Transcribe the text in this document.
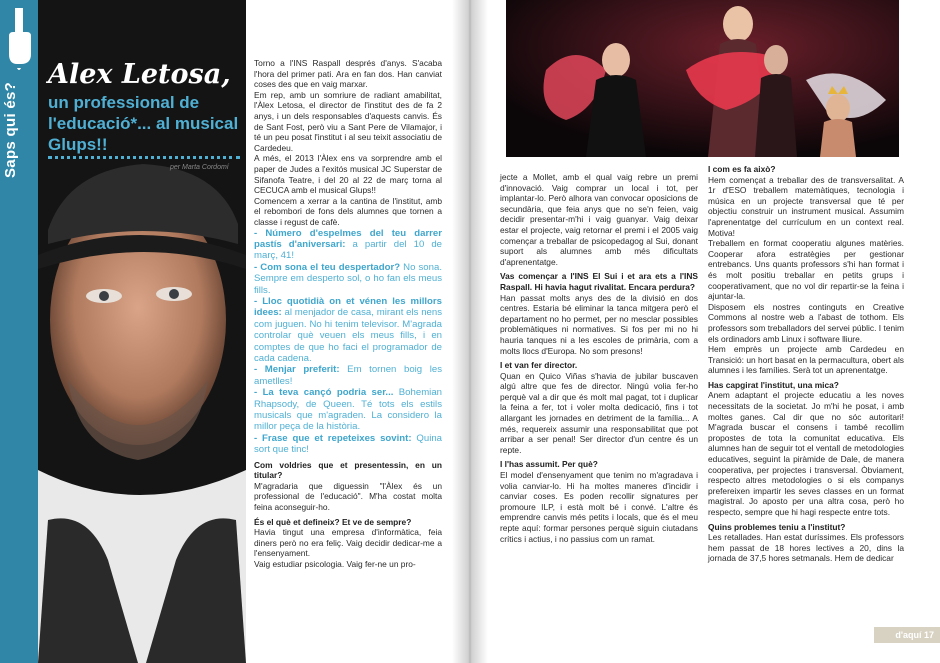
Saps qui és?
Alex Letosa,
un professional de l'educació*... al musical Glups!!
per Marta Cordomí

Torno a l'INS Raspall després d'anys. S'acaba l'hora del primer pati. Ara en fan dos. Han canviat coses des que en vaig marxar.

Em rep, amb un somriure de radiant amabilitat, l'Àlex Letosa, el director de l'institut des de fa 2 anys, i un dels responsables d'aquests canvis. És de Sant Fost, però viu a Sant Pere de Vilamajor, i té un peu posat l'institut i al seu teixit associatiu de Cardedeu.

A més, el 2013 l'Àlex ens va sorprendre amb el paper de Judes a l'exitós musical JC Superstar de Sifanofa Teatre, i del 20 al 22 de març torna al CECUCA amb el musical Glups!!

Comencem a xerrar a la cantina de l'institut, amb el rebombori de fons dels alumnes que tornen a classe i regust de cafè.

- Número d'espelmes del teu darrer pastís d'aniversari: a partir del 10 de març, 41!

- Com sona el teu despertador? No sona. Sempre em desperto sol, o ho fan els meus fills.

- Lloc quotidià on et vénen les millors idees: al menjador de casa, mirant els nens com juguen. No hi tenim televisor. M'agrada controlar què veuen els meus fills, i en comptes de que ho faci el programador de cada cadena.

- Menjar preferit: Em tornen boig les ametlles!

- La teva cançó podria ser... Bohemian Rhapsody, de Queen. Té tots els estils musicals que m'agraden. La considero la millor peça de la història.

- Frase que et repeteixes sovint: Quina sort que tinc!

Com voldries que et presentessin, en un titular?

M'agradaria que diguessin "l'Àlex és un professional de l'educació". M'ha costat molta feina aconseguir-ho.

És el què et defineix? Et ve de sempre?

Havia tingut una empresa d'informàtica, feia diners però no era feliç. Vaig decidir dedicar-me a l'ensenyament.

Vaig estudiar psicologia. Vaig fer-ne un pro-

jecte a Mollet, amb el qual vaig rebre un premi d'innovació. Vaig comprar un local i tot, per implantar-lo. Però alhora van convocar oposicions de secundària, que feia anys que no se'n feien, vaig decidir presentar-m'hi i vaig guanyar. Vaig deixar estar el projecte, vaig retornar el premi i el 2005 vaig començar a treballar de psicopedagog al Sui, donant suport als alumnes amb més dificultats d'aprenentatge.

Vas començar a l'INS El Sui i et ara ets a l'INS Raspall. Hi havia hagut rivalitat. Encara perdura?

Han passat molts anys des de la divisió en dos centres. Estaria bé eliminar la tanca mitgera però el departament no ho permet, per no mesclar possibles problemàtiques ni normatives. Si fos per mi no hi hauria tanques ni a les escoles de primària, com a molts llocs d'Europa. No som presons!

I et van fer director.

Quan en Quico Viñas s'havia de jubilar buscaven algú altre que fes de director. Ningú volia fer-ho perquè val a dir que és molt mal pagat, tot i duplicar la feina a fer, tot i voler molta dedicació, fins i tot allargant les jornades en detriment de la família... A més, requereix assumir una responsabilitat que pot arribar a ser penal! Ser director d'un centre és un repte.

I l'has assumit. Per què?

El model d'ensenyament que tenim no m'agradava i volia canviar-lo. Hi ha moltes maneres d'incidir i canviar coses. Es poden recollir signatures per promoure ILP, i està molt bé i convé. L'altre és emprendre canvis més petits i locals, que és el meu repte aquí: formar persones perquè siguin ciutadans crítics i actius, i no passius com un ramat.

I com es fa això?

Hem començat a treballar des de transversalitat. A 1r d'ESO treballem matemàtiques, tecnologia i música en un projecte transversal que té per objectiu construir un instrument musical. Assumim l'aprenentatge del currículum en un context real. Motiva!

Treballem en format cooperatiu algunes matèries. Cooperar afora estratègies per gestionar entrebancs. Uns quants professors s'hi han format i és molt positiu treballar en petits grups i cooperativament, que no vol dir repartir-se la feina i ajuntar-la.

Disposem els nostres continguts en Creative Commons al nostre web a l'abast de tothom. Els professors som treballadors del servei públic. I tenim els ordinadors amb Linux i software lliure.

Hem emprès un projecte amb Cardedeu en Transició: un hort basat en la permacultura, obert als alumnes i les famílies. Serà tot un aprenentatge.

Has capgirat l'institut, una mica?

Anem adaptant el projecte educatiu a les noves necessitats de la societat. Jo m'hi he posat, i amb moltes ganes. Cal dir que no sóc autoritari! M'agrada buscar el consens i també recollim propostes de tota la comunitat educativa. Els alumnes han de seguir tot el ventall de metodologies educatives, seguint la piràmide de Dale, de manera cooperativa, per projectes i transversal. Òbviament, respecto altres metodologies o si els companys prefereixen impartir les seves classes en un format magistral. Jo aposto per una altra cosa, però ho respecto, sempre que hi hagi respecte entre tots.

Quins problemes teniu a l'institut?

Les retallades. Han estat duríssimes. Els professors hem passat de 18 hores lectives a 20, dins la jornada de 37,5 hores setmanals. Hem de dedicar

d'aquí 17
